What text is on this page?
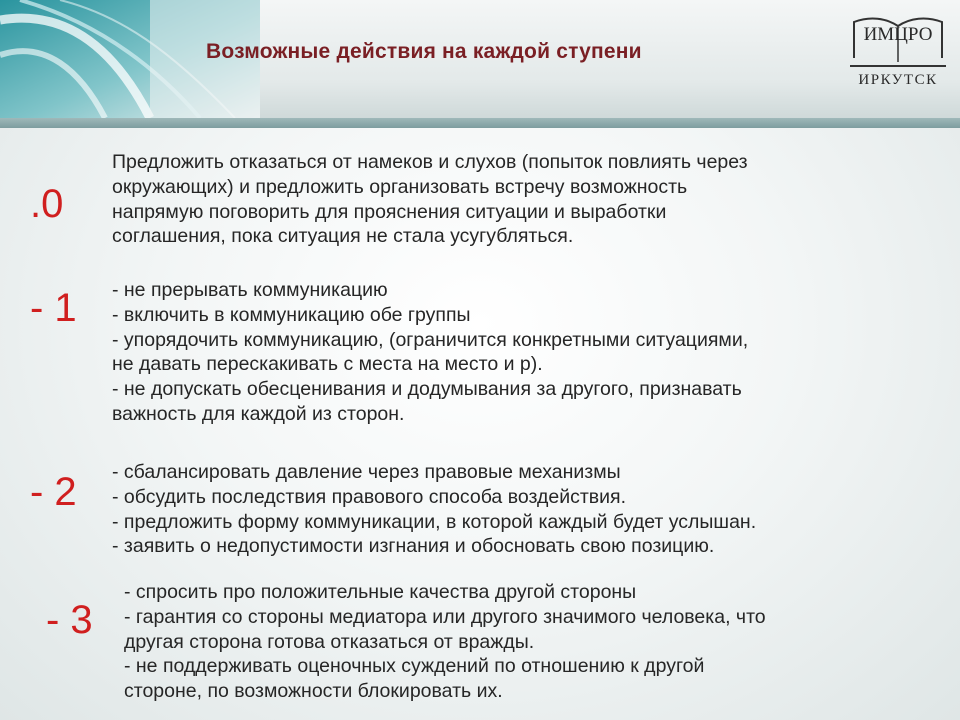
Возможные действия на каждой ступени
ИМЦРО
ИРКУТСК
.0
Предложить отказаться от намеков и слухов (попыток повлиять через
окружающих) и предложить организовать встречу возможность
напрямую поговорить для прояснения ситуации и выработки
соглашения, пока ситуация не стала усугубляться.
- 1 - не прерывать коммуникацию
- включить в коммуникацию обе группы
- упорядочить коммуникацию, (ограничится конкретными ситуациями,
не давать перескакивать с места на место и р).
- не допускать обесценивания и додумывания за другого, признавать
важность для каждой из сторон.
- 2 - сбалансировать давление через правовые механизмы
- обсудить последствия правового способа воздействия.
- предложить форму коммуникации, в которой каждый будет услышан.
- заявить о недопустимости изгнания и обосновать свою позицию.
- 3
- спросить про положительные качества другой стороны
- гарантия со стороны медиатора или другого значимого человека, что
другая сторона готова отказаться от вражды.
- не поддерживать оценочных суждений по отношению к другой
стороне, по возможности блокировать их.
